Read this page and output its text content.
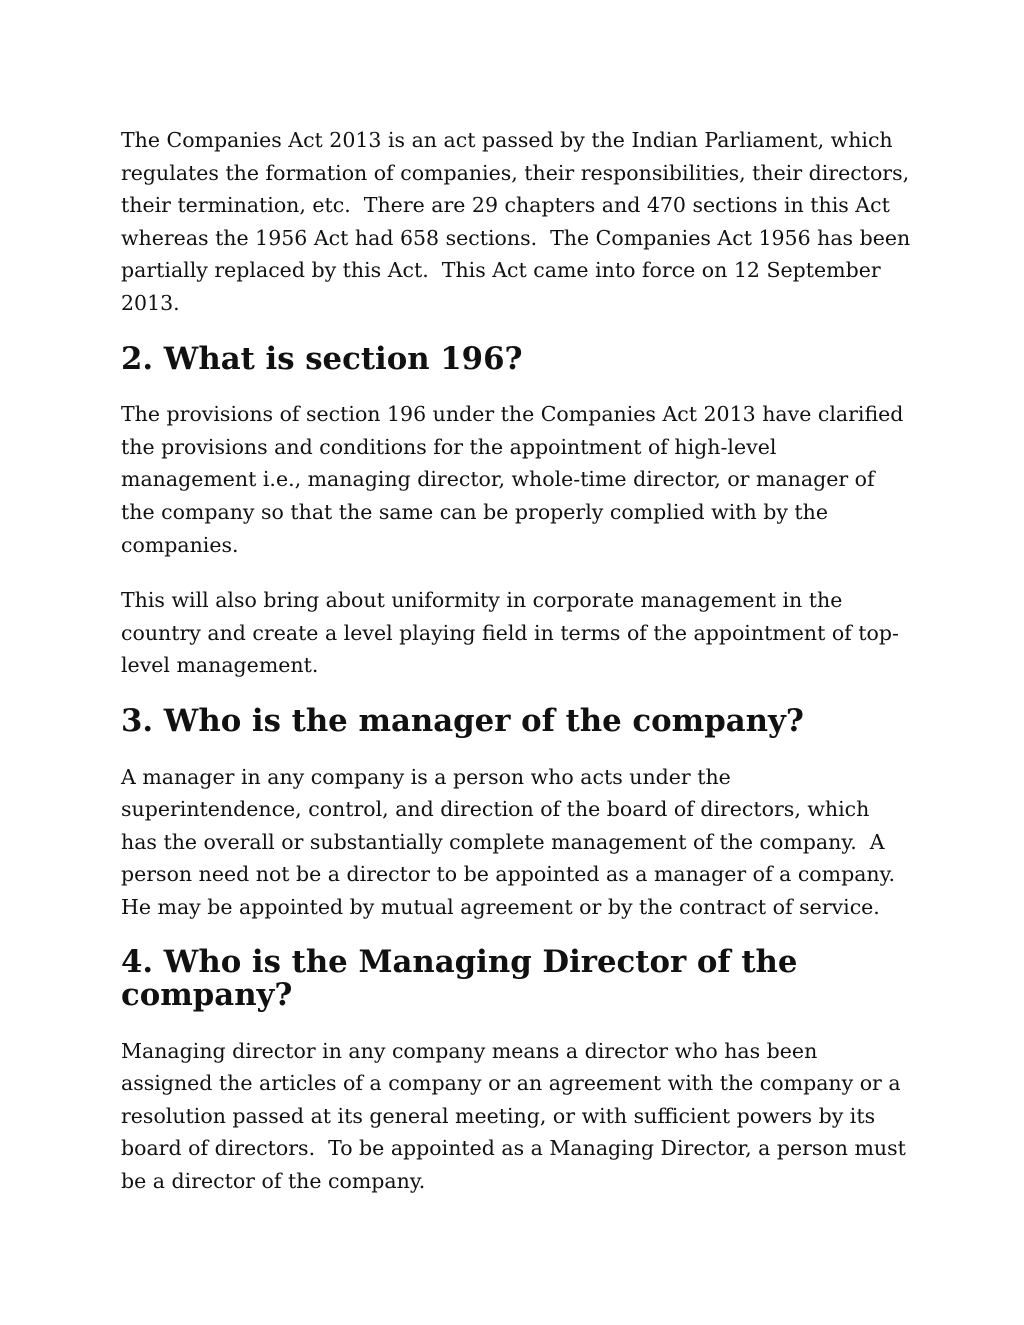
The Companies Act 2013 is an act passed by the Indian Parliament, which regulates the formation of companies, their responsibilities, their directors, their termination, etc.  There are 29 chapters and 470 sections in this Act whereas the 1956 Act had 658 sections.  The Companies Act 1956 has been partially replaced by this Act.  This Act came into force on 12 September 2013.

2. What is section 196?

The provisions of section 196 under the Companies Act 2013 have clarified the provisions and conditions for the appointment of high-level management i.e., managing director, whole-time director, or manager of the company so that the same can be properly complied with by the companies.

This will also bring about uniformity in corporate management in the country and create a level playing field in terms of the appointment of top-level management.

3. Who is the manager of the company?

A manager in any company is a person who acts under the superintendence, control, and direction of the board of directors, which has the overall or substantially complete management of the company.  A person need not be a director to be appointed as a manager of a company.  He may be appointed by mutual agreement or by the contract of service.

4. Who is the Managing Director of the company?

Managing director in any company means a director who has been assigned the articles of a company or an agreement with the company or a resolution passed at its general meeting, or with sufficient powers by its board of directors.  To be appointed as a Managing Director, a person must be a director of the company.
